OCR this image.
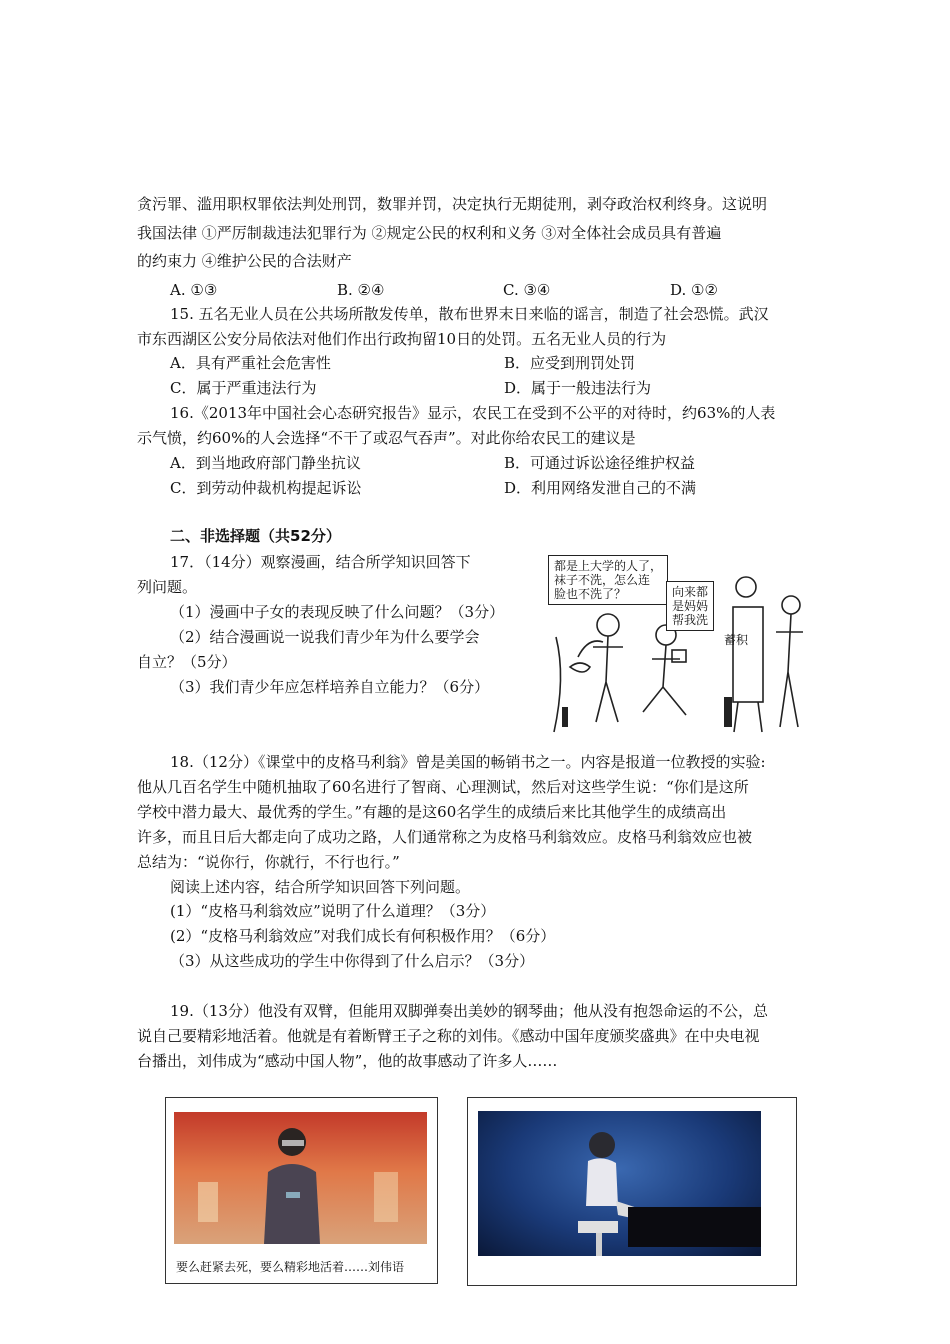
贪污罪、滥用职权罪依法判处刑罚，数罪并罚，决定执行无期徒刑，剥夺政治权利终身。这说明
我国法律 ①严厉制裁违法犯罪行为 ②规定公民的权利和义务 ③对全体社会成员具有普遍
的约束力 ④维护公民的合法财产
A. ①③	B. ②④	C. ③④	D. ①②
15. 五名无业人员在公共场所散发传单，散布世界末日来临的谣言，制造了社会恐慌。武汉
市东西湖区公安分局依法对他们作出行政拘留10日的处罚。五名无业人员的行为
A．具有严重社会危害性	B．应受到刑罚处罚
C．属于严重违法行为	D．属于一般违法行为
16.《2013年中国社会心态研究报告》显示，农民工在受到不公平的对待时，约63%的人表
示气愤，约60%的人会选择“不干了或忍气吞声”。对此你给农民工的建议是
A．到当地政府部门静坐抗议	B．可通过诉讼途径维护权益
C．到劳动仲裁机构提起诉讼	D．利用网络发泄自己的不满
二、非选择题（共52分）
17．（14分）观察漫画，结合所学知识回答下
列问题。
（1）漫画中子女的表现反映了什么问题？（3分）
（2）结合漫画说一说我们青少年为什么要学会
自立？（5分）
（3）我们青少年应怎样培养自立能力？（6分）
都是上大学的人了，
袜子不洗，怎么连
脸也不洗了？	向来都
是妈妈
帮我洗
蓄积
18.（12分）《课堂中的皮格马利翁》曾是美国的畅销书之一。内容是报道一位教授的实验:
他从几百名学生中随机抽取了60名进行了智商、心理测试，然后对这些学生说：“你们是这所
学校中潜力最大、最优秀的学生。”有趣的是这60名学生的成绩后来比其他学生的成绩高出
许多，而且日后大都走向了成功之路，人们通常称之为皮格马利翁效应。皮格马利翁效应也被
总结为：“说你行，你就行，不行也行。”
阅读上述内容，结合所学知识回答下列问题。
(1）“皮格马利翁效应”说明了什么道理？（3分）
(2）“皮格马利翁效应”对我们成长有何积极作用？（6分）
（3）从这些成功的学生中你得到了什么启示？（3分）
19.（13分）他没有双臂，但能用双脚弹奏出美妙的钢琴曲；他从没有抱怨命运的不公，总
说自己要精彩地活着。他就是有着断臂王子之称的刘伟。《感动中国年度颁奖盛典》在中央电视
台播出，刘伟成为“感动中国人物”，他的故事感动了许多人……
要么赶紧去死，要么精彩地活着……刘伟语
